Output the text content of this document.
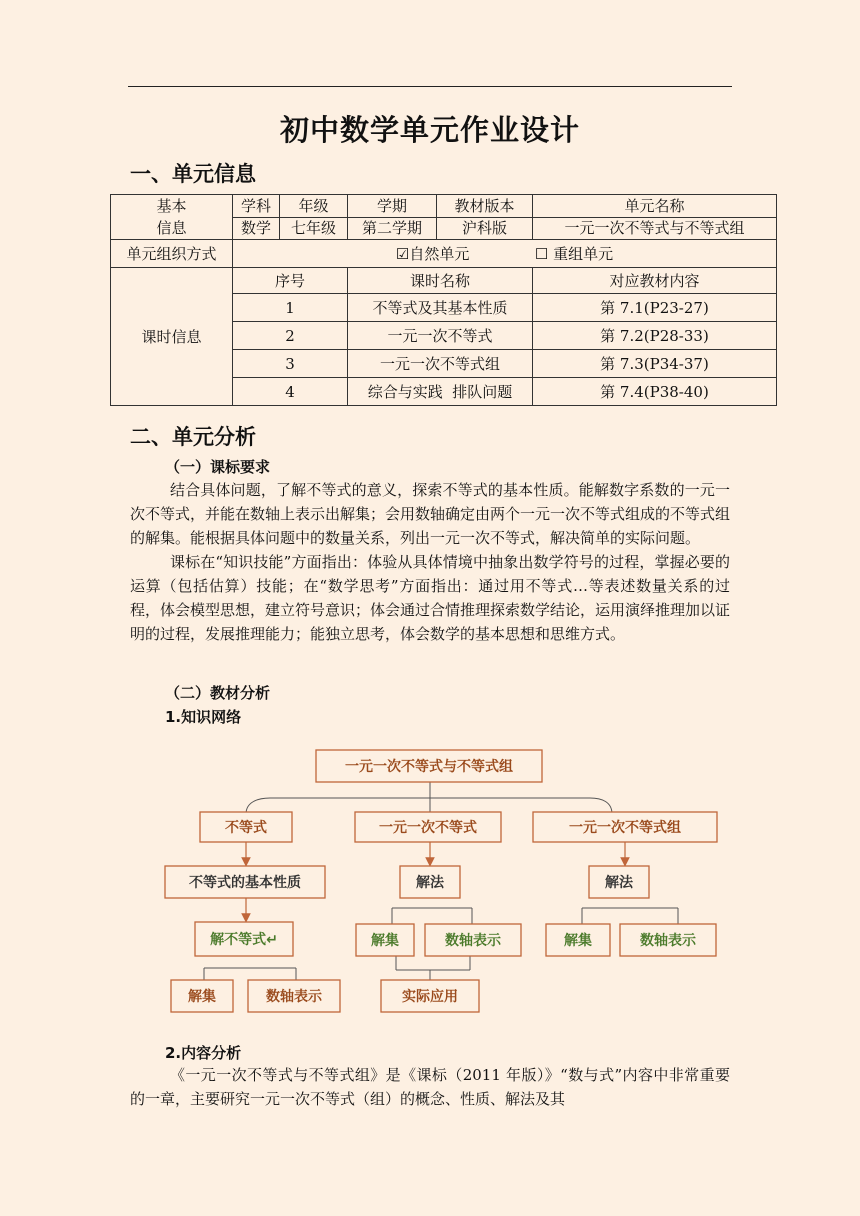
初中数学单元作业设计
一、单元信息
基本
信息	学科	年级	学期	教材版本	单元名称
	数学	七年级	第二学期	沪科版	一元一次不等式与不等式组
单元组织方式	☑自然单元 ☐ 重组单元				
课时信息	序号		课时名称		对应教材内容
	1		不等式及其基本性质		第 7.1(P23-27)
	2		一元一次不等式		第 7.2(P28-33)
	3		一元一次不等式组		第 7.3(P34-37)
	4		综合与实践  排队问题		第 7.4(P38-40)
二、单元分析
（一）课标要求

结合具体问题，了解不等式的意义，探索不等式的基本性质。能解数字系数的一元一次不等式，并能在数轴上表示出解集；会用数轴确定由两个一元一次不等式组成的不等式组的解集。能根据具体问题中的数量关系，列出一元一次不等式，解决简单的实际问题。

课标在“知识技能”方面指出：体验从具体情境中抽象出数学符号的过程，掌握必要的运算（包括估算）技能；在“数学思考”方面指出：通过用不等式…等表述数量关系的过程，体会模型思想，建立符号意识；体会通过合情推理探索数学结论，运用演绎推理加以证明的过程，发展推理能力；能独立思考，体会数学的基本思想和思维方式。

（二）教材分析
1.知识网络
一元一次不等式与不等式组
不等式	一元一次不等式	一元一次不等式组
不等式的基本性质	解法	解法
解不等式↵	解集	数轴表示	解集	数轴表示
解集	数轴表示	实际应用
2.内容分析

《一元一次不等式与不等式组》是《课标（2011 年版）》“数与式”内容中非常重要的一章，主要研究一元一次不等式（组）的概念、性质、解法及其
